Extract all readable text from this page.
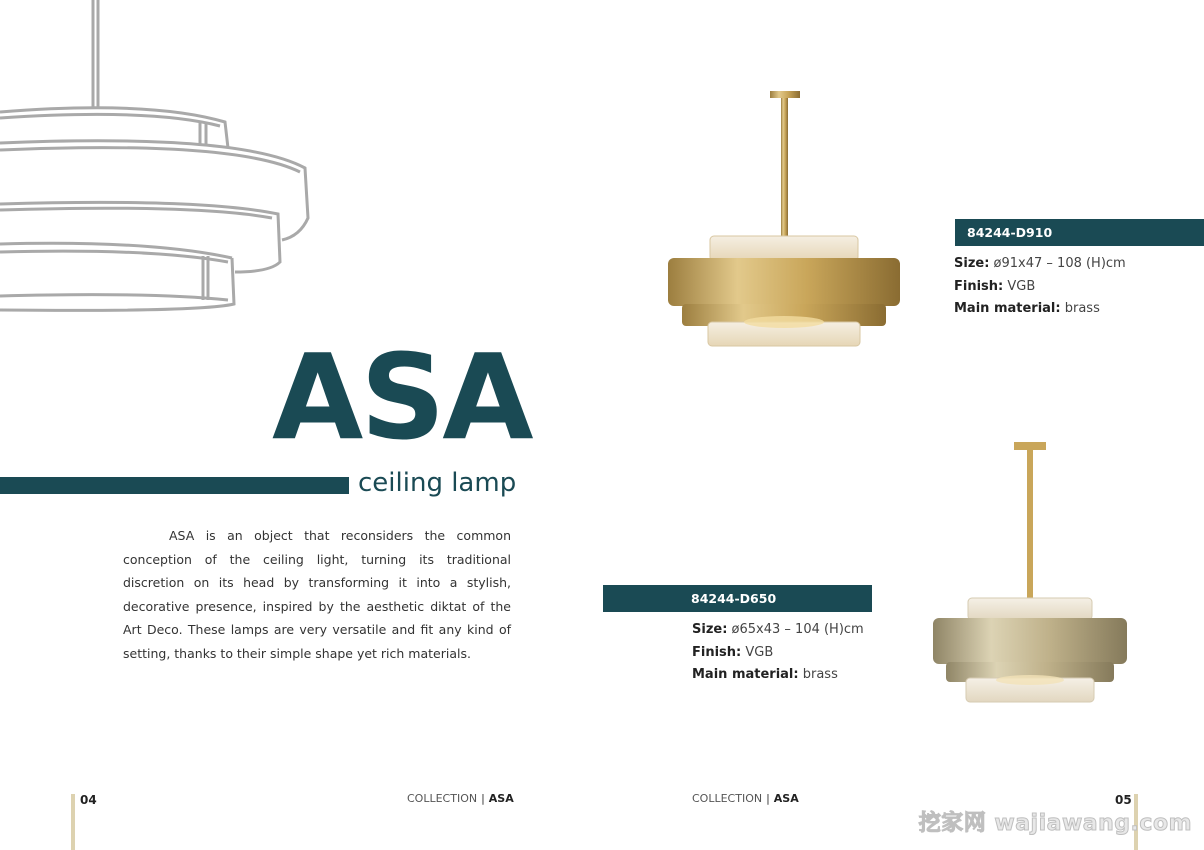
ASA
ceiling lamp
ASA is an object that reconsiders the common conception of the ceiling light, turning its traditional discretion on its head by transforming it into a stylish, decorative presence, inspired by the aesthetic diktat of the Art Deco. These lamps are very versatile and fit any kind of setting, thanks to their simple shape yet rich materials.
84244-D910
Size: ø91x47 – 108 (H)cm
Finish: VGB
Main material: brass
84244-D650
Size: ø65x43 – 104 (H)cm
Finish: VGB
Main material: brass
04	COLLECTION | ASA	COLLECTION | ASA	05
挖家网 wajiawang.com
